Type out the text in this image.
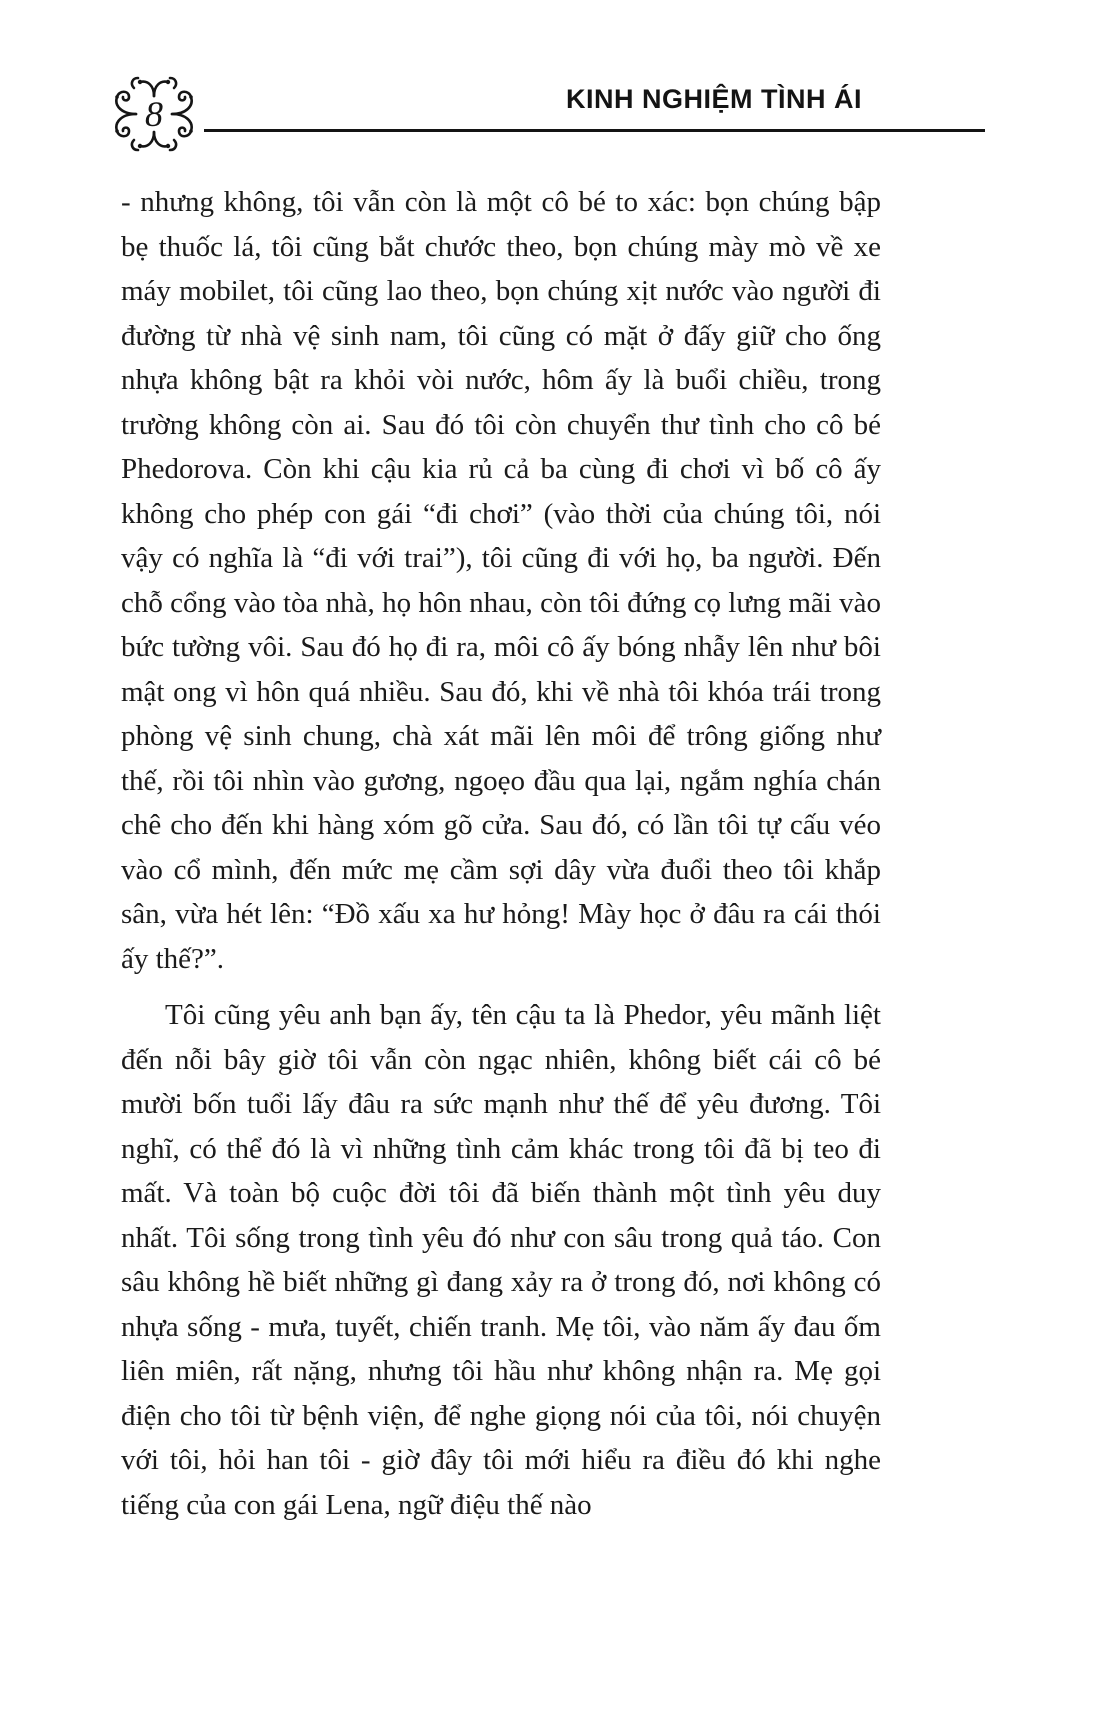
8	KINH NGHIỆM TÌNH ÁI

- nhưng không, tôi vẫn còn là một cô bé to xác: bọn chúng bập bẹ thuốc lá, tôi cũng bắt chước theo, bọn chúng mày mò về xe máy mobilet, tôi cũng lao theo, bọn chúng xịt nước vào người đi đường từ nhà vệ sinh nam, tôi cũng có mặt ở đấy giữ cho ống nhựa không bật ra khỏi vòi nước, hôm ấy là buổi chiều, trong trường không còn ai. Sau đó tôi còn chuyển thư tình cho cô bé Phedorova. Còn khi cậu kia rủ cả ba cùng đi chơi vì bố cô ấy không cho phép con gái “đi chơi” (vào thời của chúng tôi, nói vậy có nghĩa là “đi với trai”), tôi cũng đi với họ, ba người. Đến chỗ cổng vào tòa nhà, họ hôn nhau, còn tôi đứng cọ lưng mãi vào bức tường vôi. Sau đó họ đi ra, môi cô ấy bóng nhẫy lên như bôi mật ong vì hôn quá nhiều. Sau đó, khi về nhà tôi khóa trái trong phòng vệ sinh chung, chà xát mãi lên môi để trông giống như thế, rồi tôi nhìn vào gương, ngoẹo đầu qua lại, ngắm nghía chán chê cho đến khi hàng xóm gõ cửa. Sau đó, có lần tôi tự cấu véo vào cổ mình, đến mức mẹ cầm sợi dây vừa đuổi theo tôi khắp sân, vừa hét lên: “Đồ xấu xa hư hỏng! Mày học ở đâu ra cái thói ấy thế?”.

Tôi cũng yêu anh bạn ấy, tên cậu ta là Phedor, yêu mãnh liệt đến nỗi bây giờ tôi vẫn còn ngạc nhiên, không biết cái cô bé mười bốn tuổi lấy đâu ra sức mạnh như thế để yêu đương. Tôi nghĩ, có thể đó là vì những tình cảm khác trong tôi đã bị teo đi mất. Và toàn bộ cuộc đời tôi đã biến thành một tình yêu duy nhất. Tôi sống trong tình yêu đó như con sâu trong quả táo. Con sâu không hề biết những gì đang xảy ra ở trong đó, nơi không có nhựa sống - mưa, tuyết, chiến tranh. Mẹ tôi, vào năm ấy đau ốm liên miên, rất nặng, nhưng tôi hầu như không nhận ra. Mẹ gọi điện cho tôi từ bệnh viện, để nghe giọng nói của tôi, nói chuyện với tôi, hỏi han tôi - giờ đây tôi mới hiểu ra điều đó khi nghe tiếng của con gái Lena, ngữ điệu thế nào
